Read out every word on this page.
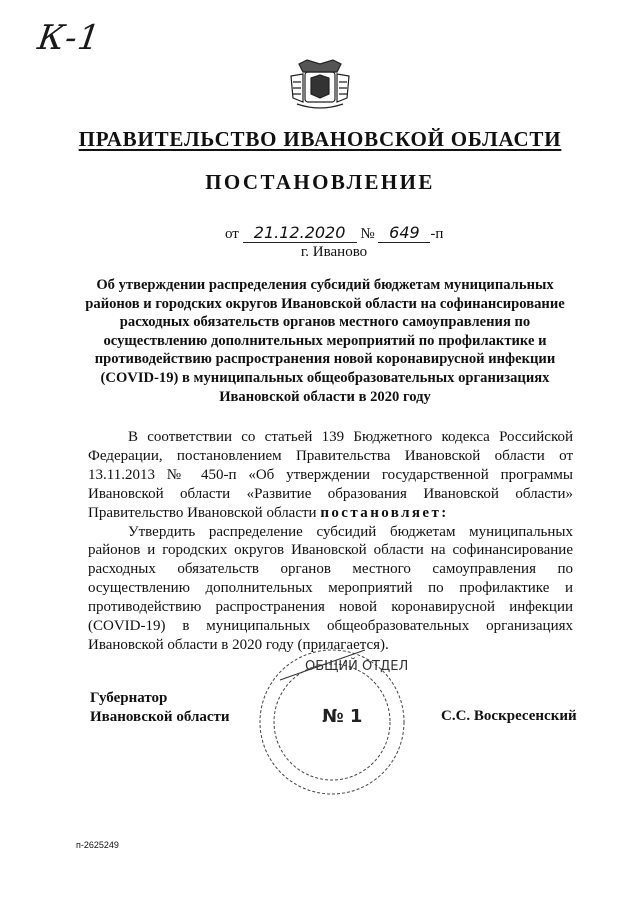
К-1
ПРАВИТЕЛЬСТВО ИВАНОВСКОЙ ОБЛАСТИ
ПОСТАНОВЛЕНИЕ
от 21.12.2020 № 649 -п
г. Иваново
Об утверждении распределения субсидий бюджетам муниципальных районов и городских округов Ивановской области на софинансирование расходных обязательств органов местного самоуправления по осуществлению дополнительных мероприятий по профилактике и противодействию распространения новой коронавирусной инфекции (COVID-19) в муниципальных общеобразовательных организациях Ивановской области в 2020 году

В соответствии со статьей 139 Бюджетного кодекса Российской Федерации, постановлением Правительства Ивановской области от 13.11.2013 № 450-п «Об утверждении государственной программы Ивановской области «Развитие образования Ивановской области» Правительство Ивановской области постановляет:

Утвердить распределение субсидий бюджетам муниципальных районов и городских округов Ивановской области на софинансирование расходных обязательств органов местного самоуправления по осуществлению дополнительных мероприятий по профилактике и противодействию распространения новой коронавирусной инфекции (COVID-19) в муниципальных общеобразовательных организациях Ивановской области в 2020 году (прилагается).

ОБЩИЙ ОТДЕЛ
№ 1
Губернатор
Ивановской области	С.С. Воскресенский
п-2625249
